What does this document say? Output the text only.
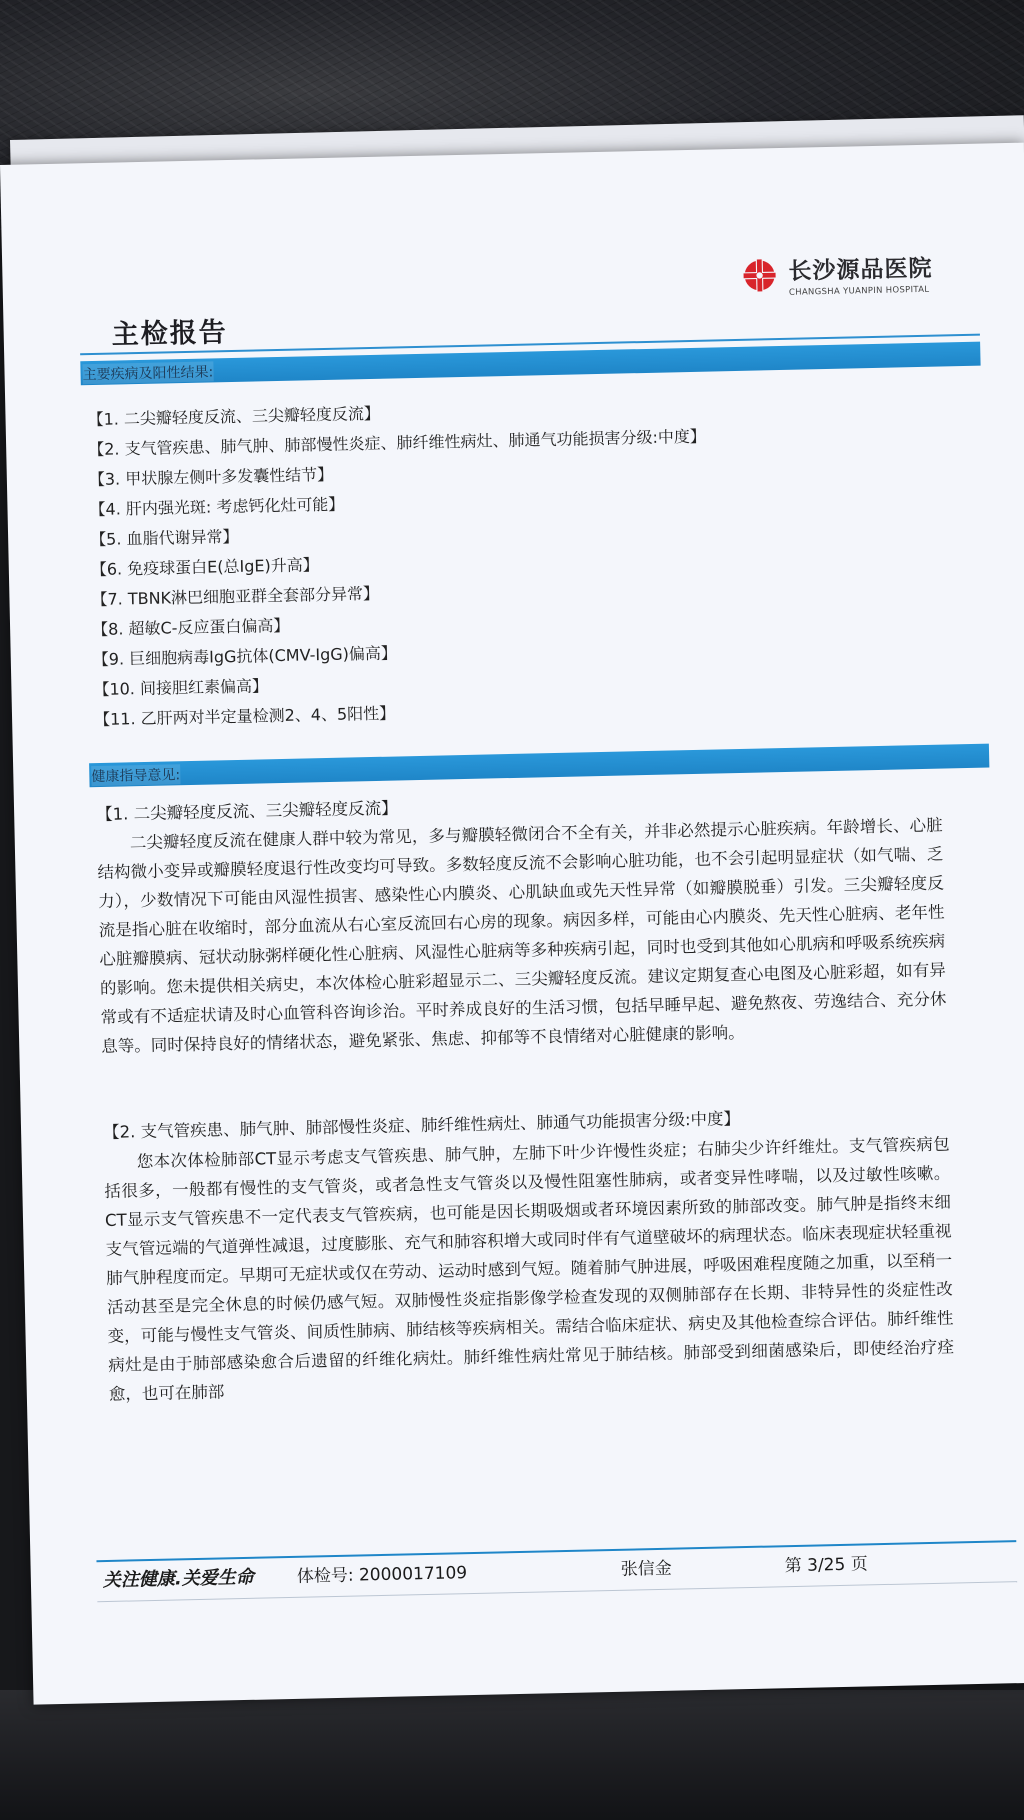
长沙源品医院
CHANGSHA YUANPIN HOSPITAL
主检报告
主要疾病及阳性结果:
【1. 二尖瓣轻度反流、三尖瓣轻度反流】
【2. 支气管疾患、肺气肿、肺部慢性炎症、肺纤维性病灶、肺通气功能损害分级:中度】
【3. 甲状腺左侧叶多发囊性结节】
【4. 肝内强光斑: 考虑钙化灶可能】
【5. 血脂代谢异常】
【6. 免疫球蛋白E(总IgE)升高】
【7. TBNK淋巴细胞亚群全套部分异常】
【8. 超敏C-反应蛋白偏高】
【9. 巨细胞病毒IgG抗体(CMV-IgG)偏高】
【10. 间接胆红素偏高】
【11. 乙肝两对半定量检测2、4、5阳性】
健康指导意见:
【1. 二尖瓣轻度反流、三尖瓣轻度反流】

二尖瓣轻度反流在健康人群中较为常见，多与瓣膜轻微闭合不全有关，并非必然提示心脏疾病。年龄增长、心脏结构微小变异或瓣膜轻度退行性改变均可导致。多数轻度反流不会影响心脏功能，也不会引起明显症状（如气喘、乏力），少数情况下可能由风湿性损害、感染性心内膜炎、心肌缺血或先天性异常（如瓣膜脱垂）引发。三尖瓣轻度反流是指心脏在收缩时，部分血流从右心室反流回右心房的现象。病因多样，可能由心内膜炎、先天性心脏病、老年性心脏瓣膜病、冠状动脉粥样硬化性心脏病、风湿性心脏病等多种疾病引起，同时也受到其他如心肌病和呼吸系统疾病的影响。您未提供相关病史，本次体检心脏彩超显示二、三尖瓣轻度反流。建议定期复查心电图及心脏彩超，如有异常或有不适症状请及时心血管科咨询诊治。平时养成良好的生活习惯，包括早睡早起、避免熬夜、劳逸结合、充分休息等。同时保持良好的情绪状态，避免紧张、焦虑、抑郁等不良情绪对心脏健康的影响。

【2. 支气管疾患、肺气肿、肺部慢性炎症、肺纤维性病灶、肺通气功能损害分级:中度】

您本次体检肺部CT显示考虑支气管疾患、肺气肿，左肺下叶少许慢性炎症；右肺尖少许纤维灶。支气管疾病包括很多，一般都有慢性的支气管炎，或者急性支气管炎以及慢性阻塞性肺病，或者变异性哮喘，以及过敏性咳嗽。CT显示支气管疾患不一定代表支气管疾病，也可能是因长期吸烟或者环境因素所致的肺部改变。肺气肿是指终末细支气管远端的气道弹性减退，过度膨胀、充气和肺容积增大或同时伴有气道壁破坏的病理状态。临床表现症状轻重视肺气肿程度而定。早期可无症状或仅在劳动、运动时感到气短。随着肺气肿进展，呼吸困难程度随之加重，以至稍一活动甚至是完全休息的时候仍感气短。双肺慢性炎症指影像学检查发现的双侧肺部存在长期、非特异性的炎症性改变，可能与慢性支气管炎、间质性肺病、肺结核等疾病相关。需结合临床症状、病史及其他检查综合评估。肺纤维性病灶是由于肺部感染愈合后遗留的纤维化病灶。肺纤维性病灶常见于肺结核。肺部受到细菌感染后，即使经治疗痊愈，也可在肺部

关注健康.关爱生命	体检号: 2000017109	张信金	第 3/25 页
